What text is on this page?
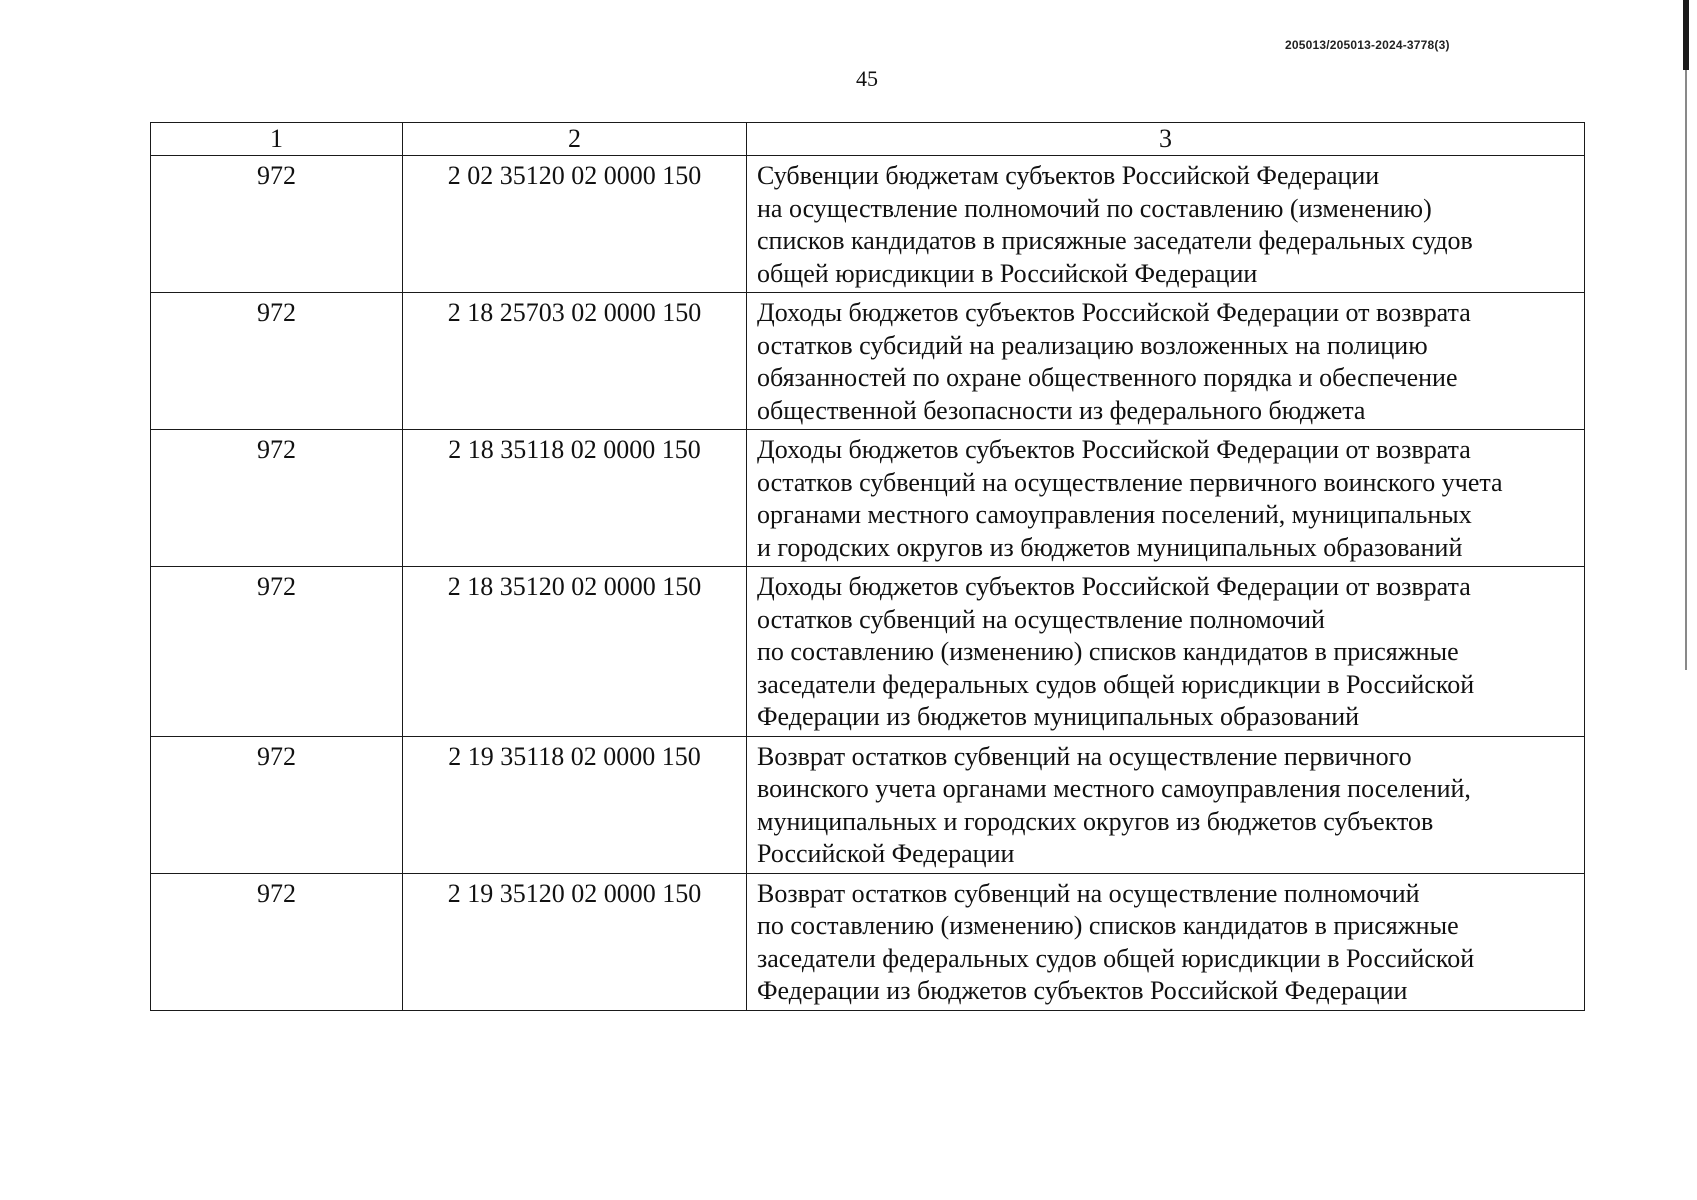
205013/205013-2024-3778(3)
45
1	2	3
972	2 02 35120 02 0000 150	Субвенции бюджетам субъектов Российской Федерации
на осуществление полномочий по составлению (изменению)
списков кандидатов в присяжные заседатели федеральных судов
общей юрисдикции в Российской Федерации

972	2 18 25703 02 0000 150	Доходы бюджетов субъектов Российской Федерации от возврата
остатков субсидий на реализацию возложенных на полицию
обязанностей по охране общественного порядка и обеспечение
общественной безопасности из федерального бюджета

972	2 18 35118 02 0000 150	Доходы бюджетов субъектов Российской Федерации от возврата
остатков субвенций на осуществление первичного воинского учета
органами местного самоуправления поселений, муниципальных
и городских округов из бюджетов муниципальных образований

972	2 18 35120 02 0000 150	Доходы бюджетов субъектов Российской Федерации от возврата
остатков субвенций на осуществление полномочий
по составлению (изменению) списков кандидатов в присяжные
заседатели федеральных судов общей юрисдикции в Российской
Федерации из бюджетов муниципальных образований

972	2 19 35118 02 0000 150	Возврат остатков субвенций на осуществление первичного
воинского учета органами местного самоуправления поселений,
муниципальных и городских округов из бюджетов субъектов
Российской Федерации

972	2 19 35120 02 0000 150	Возврат остатков субвенций на осуществление полномочий
по составлению (изменению) списков кандидатов в присяжные
заседатели федеральных судов общей юрисдикции в Российской
Федерации из бюджетов субъектов Российской Федерации
